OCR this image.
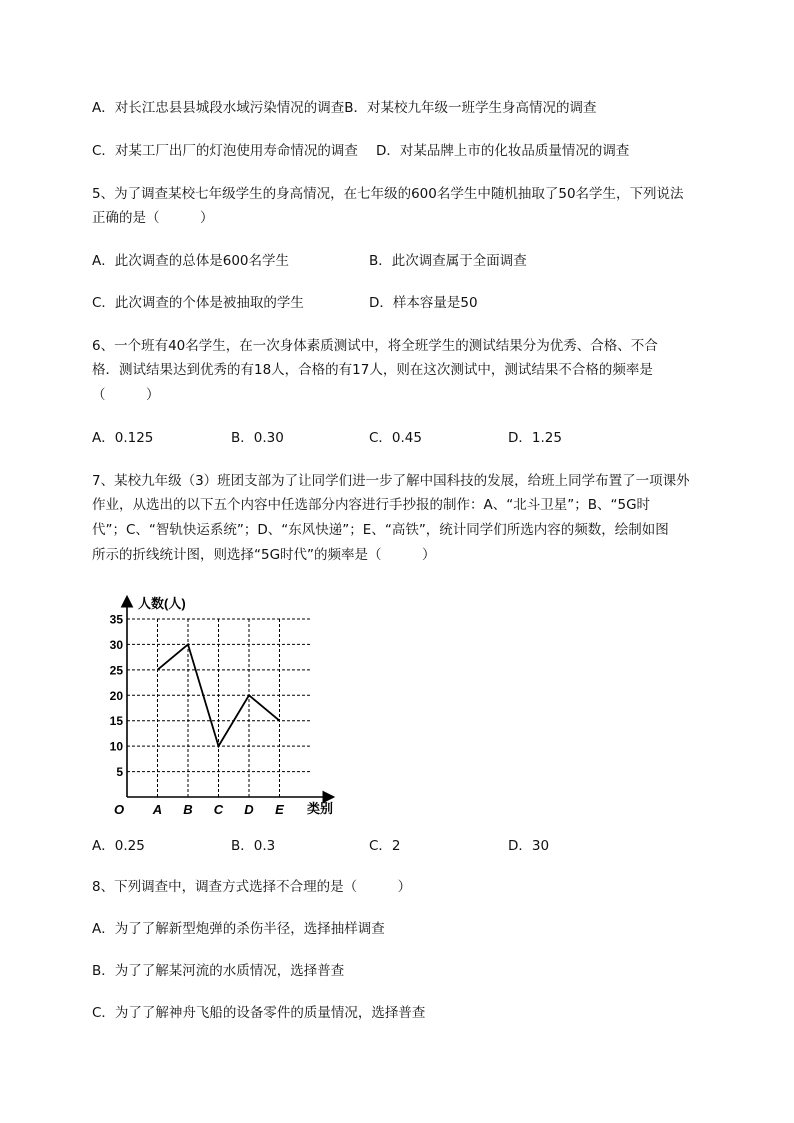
A．对长江忠县县城段水域污染情况的调查B．对某校九年级一班学生身高情况的调查
C．对某工厂出厂的灯泡使用寿命情况的调查 D．对某品牌上市的化妆品质量情况的调查
5、为了调查某校七年级学生的身高情况，在七年级的600名学生中随机抽取了50名学生，下列说法
正确的是（　　　）
A．此次调查的总体是600名学生	B．此次调查属于全面调查
C．此次调查的个体是被抽取的学生	D．样本容量是50
6、一个班有40名学生，在一次身体素质测试中，将全班学生的测试结果分为优秀、合格、不合
格．测试结果达到优秀的有18人，合格的有17人，则在这次测试中，测试结果不合格的频率是
（　　　）
A．0.125	B．0.30	C．0.45	D．1.25
7、某校九年级（3）班团支部为了让同学们进一步了解中国科技的发展，给班上同学布置了一项课外
作业，从选出的以下五个内容中任选部分内容进行手抄报的制作：A、“北斗卫星”；B、“5G时
代”；C、“智轨快运系统”；D、“东风快递”；E、“高铁”，统计同学们所选内容的频数，绘制如图
所示的折线统计图，则选择“5G时代”的频率是（　　　）
5
10
15
20
25
30
35
A B C D E
O
人数(人)
类别
A．0.25	B．0.3	C．2	D．30
8、下列调查中，调查方式选择不合理的是（　　　）
A．为了了解新型炮弹的杀伤半径，选择抽样调查
B．为了了解某河流的水质情况，选择普查
C．为了了解神舟飞船的设备零件的质量情况，选择普查
